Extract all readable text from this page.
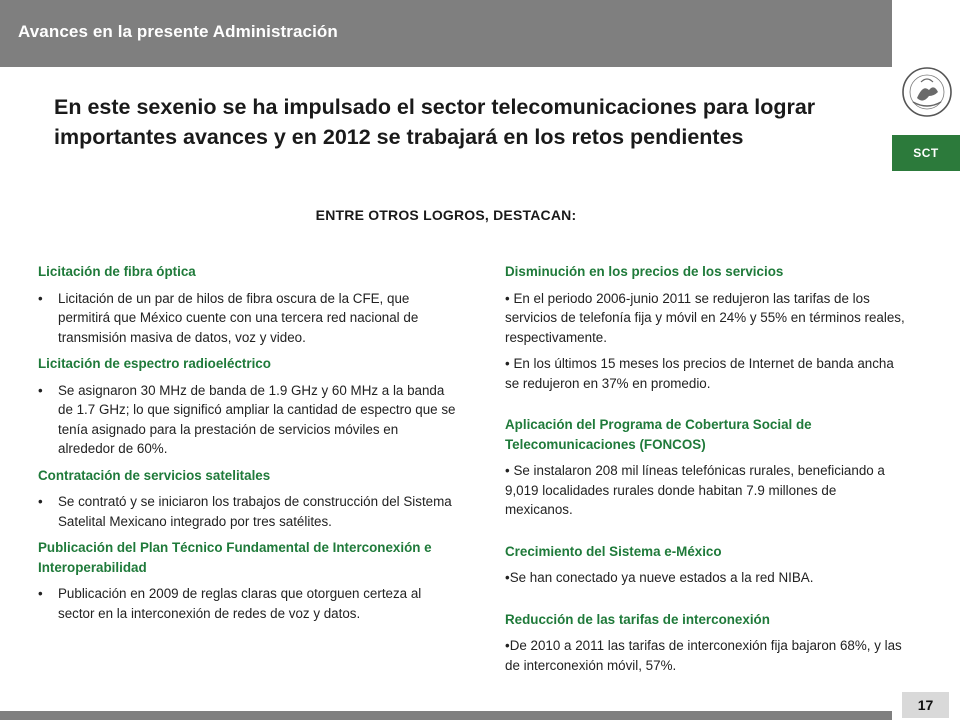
Avances en la presente Administración
SCT
En este sexenio se ha impulsado el sector telecomunicaciones para lograr importantes avances y en 2012 se trabajará en los retos pendientes
ENTRE OTROS LOGROS, DESTACAN:
Licitación de fibra óptica
• Licitación de un par de hilos de fibra oscura de la CFE, que permitirá que México cuente con una tercera red nacional de transmisión masiva de datos, voz y video.
Licitación de espectro radioeléctrico
• Se asignaron 30 MHz de banda de 1.9 GHz y 60 MHz a la banda de 1.7 GHz; lo que significó ampliar la cantidad de espectro que se tenía asignado para la prestación de servicios móviles en alrededor de 60%.
Contratación de servicios satelitales
• Se contrató y se iniciaron los trabajos de construcción del Sistema Satelital Mexicano integrado por tres satélites.
Publicación del Plan Técnico Fundamental de Interconexión e Interoperabilidad
• Publicación en 2009 de reglas claras que otorguen certeza al sector en la interconexión de redes de voz y datos.
Disminución en los precios de los servicios
• En el periodo 2006-junio 2011 se redujeron las tarifas de los servicios de telefonía fija y móvil en 24% y 55% en términos reales, respectivamente.
• En los últimos 15 meses los precios de Internet de banda ancha se redujeron en 37% en promedio.
Aplicación del Programa de Cobertura Social de Telecomunicaciones (FONCOS)
• Se instalaron 208 mil líneas telefónicas rurales, beneficiando a 9,019 localidades rurales donde habitan 7.9 millones de mexicanos.
Crecimiento del Sistema e-México
•Se han conectado ya nueve estados a la red NIBA.
Reducción de las tarifas de interconexión
•De 2010 a 2011 las tarifas de interconexión fija bajaron 68%, y las de interconexión móvil, 57%.
17
